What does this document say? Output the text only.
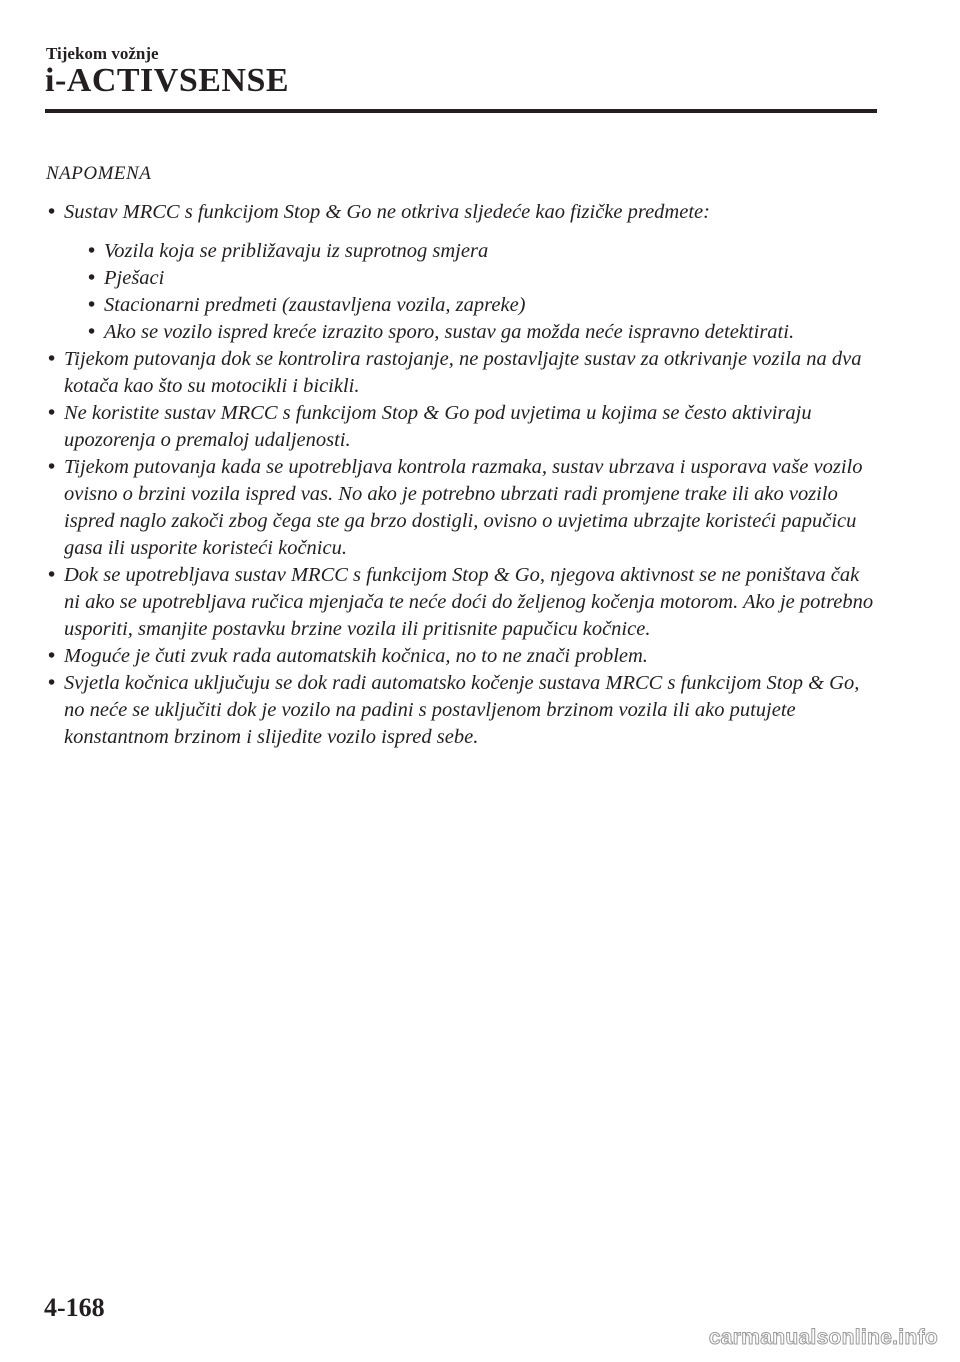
Tijekom vožnje
i-ACTIVSENSE
NAPOMENA
• Sustav MRCC s funkcijom Stop & Go ne otkriva sljedeće kao fizičke predmete:
• Vozila koja se približavaju iz suprotnog smjera
• Pješaci
• Stacionarni predmeti (zaustavljena vozila, zapreke)
• Ako se vozilo ispred kreće izrazito sporo, sustav ga možda neće ispravno detektirati.
• Tijekom putovanja dok se kontrolira rastojanje, ne postavljajte sustav za otkrivanje vozila na dva kotača kao što su motocikli i bicikli.
• Ne koristite sustav MRCC s funkcijom Stop & Go pod uvjetima u kojima se često aktiviraju upozorenja o premaloj udaljenosti.
• Tijekom putovanja kada se upotrebljava kontrola razmaka, sustav ubrzava i usporava vaše vozilo ovisno o brzini vozila ispred vas. No ako je potrebno ubrzati radi promjene trake ili ako vozilo ispred naglo zakoči zbog čega ste ga brzo dostigli, ovisno o uvjetima ubrzajte koristeći papučicu gasa ili usporite koristeći kočnicu.
• Dok se upotrebljava sustav MRCC s funkcijom Stop & Go, njegova aktivnost se ne poništava čak ni ako se upotrebljava ručica mjenjača te neće doći do željenog kočenja motorom. Ako je potrebno usporiti, smanjite postavku brzine vozila ili pritisnite papučicu kočnice.
• Moguće je čuti zvuk rada automatskih kočnica, no to ne znači problem.
• Svjetla kočnica uključuju se dok radi automatsko kočenje sustava MRCC s funkcijom Stop & Go, no neće se uključiti dok je vozilo na padini s postavljenom brzinom vozila ili ako putujete konstantnom brzinom i slijedite vozilo ispred sebe.
4-168
carmanualsonline.info
